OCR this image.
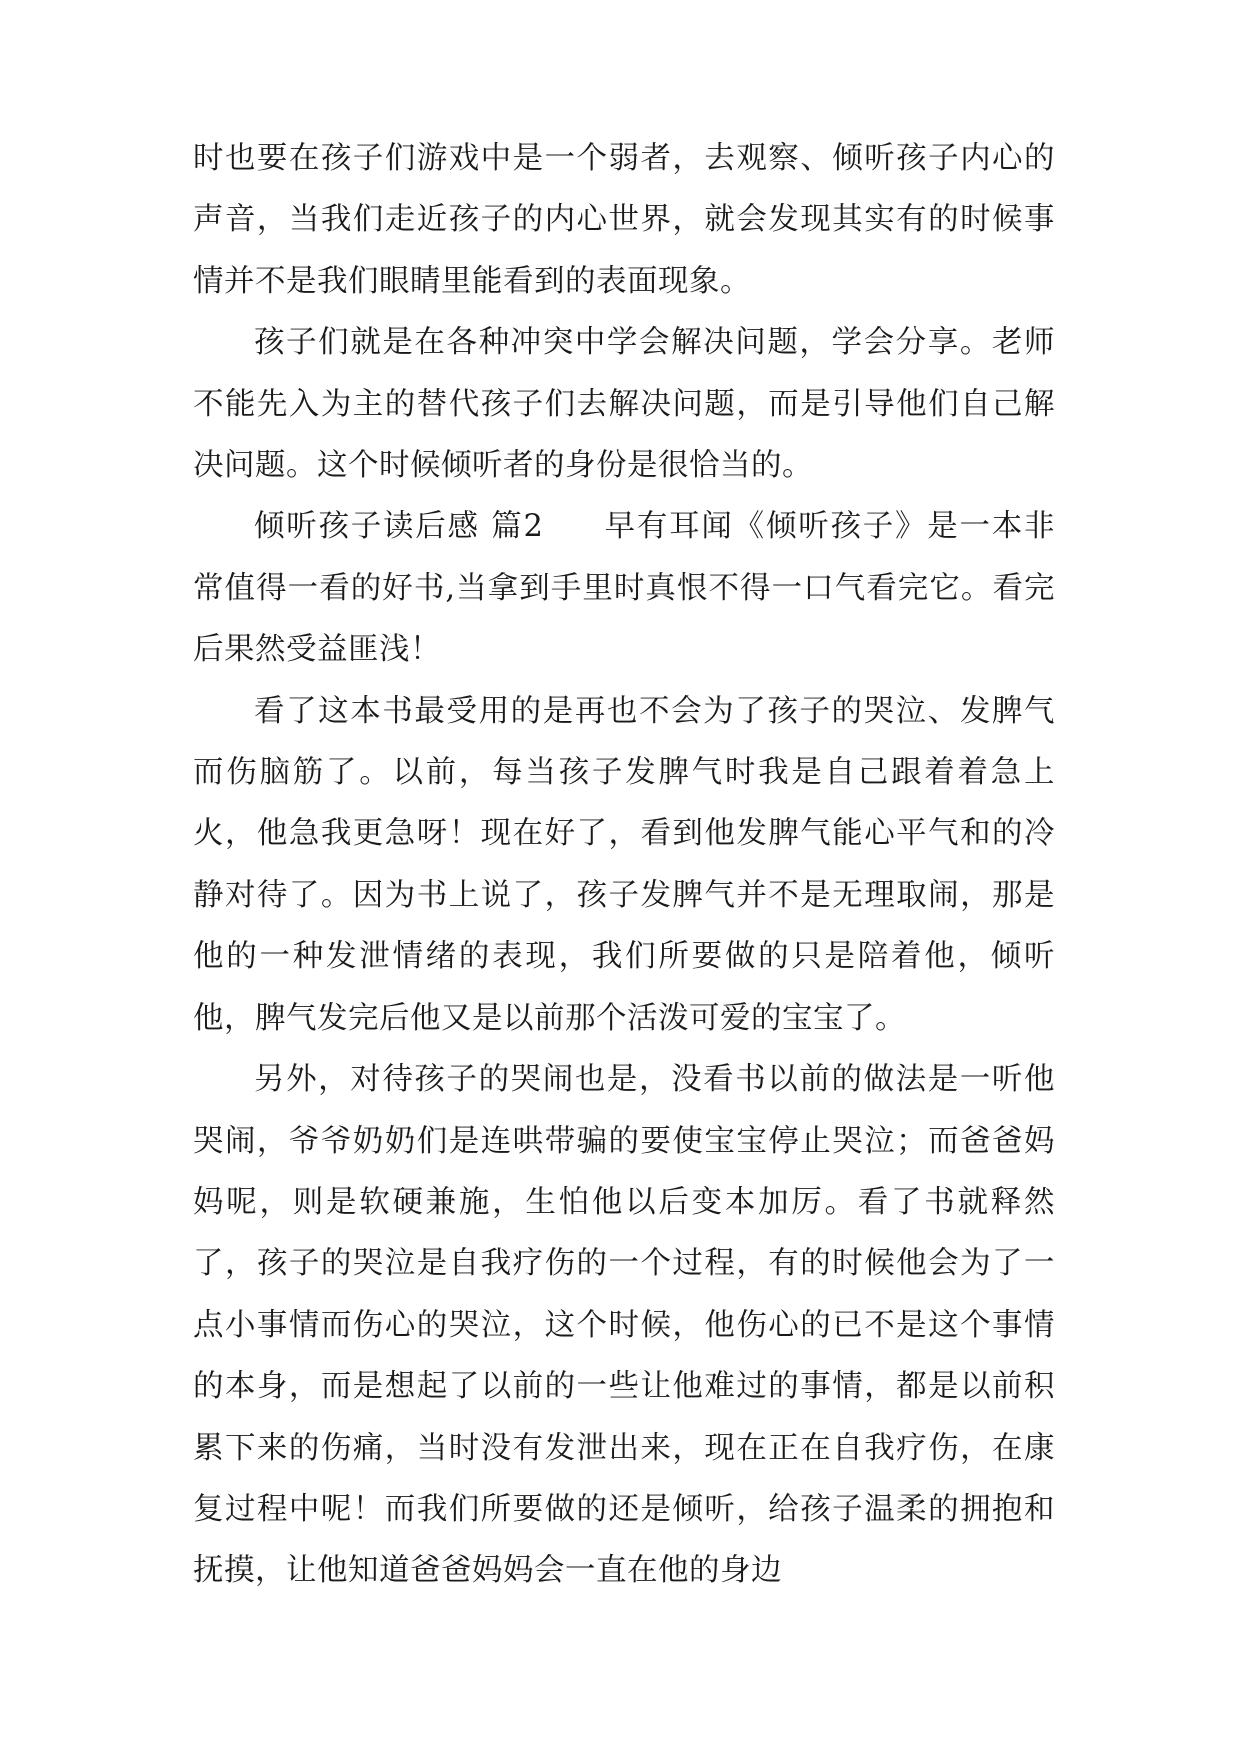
时也要在孩子们游戏中是一个弱者，去观察、倾听孩子内心的声音，当我们走近孩子的内心世界，就会发现其实有的时候事情并不是我们眼睛里能看到的表面现象。

孩子们就是在各种冲突中学会解决问题，学会分享。老师不能先入为主的替代孩子们去解决问题，而是引导他们自己解决问题。这个时候倾听者的身份是很恰当的。

倾听孩子读后感 篇2 早有耳闻《倾听孩子》是一本非常值得一看的好书,当拿到手里时真恨不得一口气看完它。看完后果然受益匪浅！

看了这本书最受用的是再也不会为了孩子的哭泣、发脾气而伤脑筋了。以前，每当孩子发脾气时我是自己跟着着急上火，他急我更急呀！现在好了，看到他发脾气能心平气和的冷静对待了。因为书上说了，孩子发脾气并不是无理取闹，那是他的一种发泄情绪的表现，我们所要做的只是陪着他，倾听他，脾气发完后他又是以前那个活泼可爱的宝宝了。

另外，对待孩子的哭闹也是，没看书以前的做法是一听他哭闹，爷爷奶奶们是连哄带骗的要使宝宝停止哭泣；而爸爸妈妈呢，则是软硬兼施，生怕他以后变本加厉。看了书就释然了，孩子的哭泣是自我疗伤的一个过程，有的时候他会为了一点小事情而伤心的哭泣，这个时候，他伤心的已不是这个事情的本身，而是想起了以前的一些让他难过的事情，都是以前积累下来的伤痛，当时没有发泄出来，现在正在自我疗伤，在康复过程中呢！而我们所要做的还是倾听，给孩子温柔的拥抱和抚摸，让他知道爸爸妈妈会一直在他的身边
